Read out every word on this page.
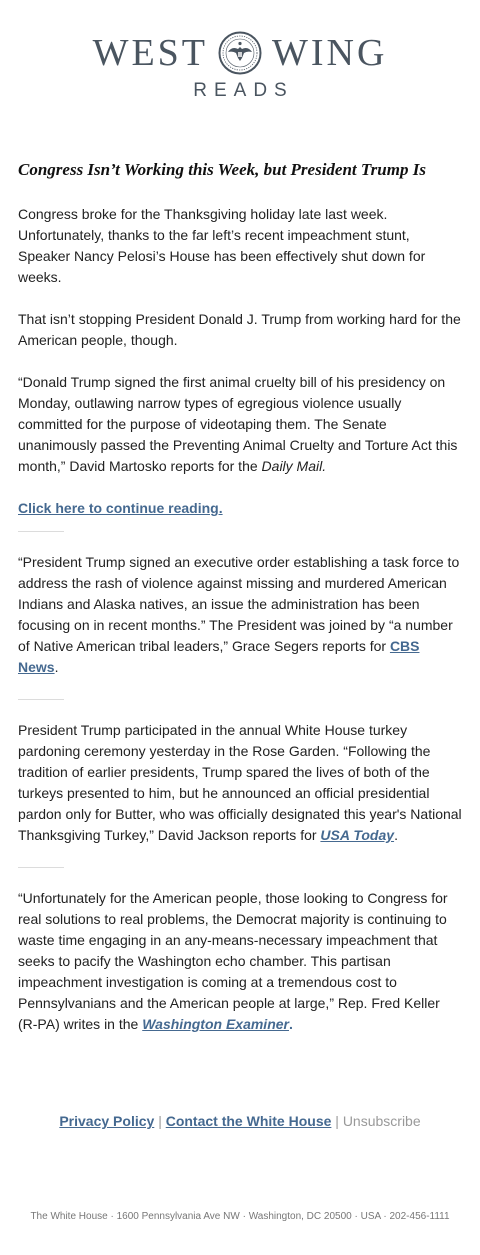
WEST WING
READS
Congress Isn’t Working this Week, but President Trump Is

Congress broke for the Thanksgiving holiday late last week. Unfortunately, thanks to the far left’s recent impeachment stunt, Speaker Nancy Pelosi’s House has been effectively shut down for weeks.

That isn’t stopping President Donald J. Trump from working hard for the American people, though.

“Donald Trump signed the first animal cruelty bill of his presidency on Monday, outlawing narrow types of egregious violence usually committed for the purpose of videotaping them. The Senate unanimously passed the Preventing Animal Cruelty and Torture Act this month,” David Martosko reports for the Daily Mail.

Click here to continue reading.

“President Trump signed an executive order establishing a task force to address the rash of violence against missing and murdered American Indians and Alaska natives, an issue the administration has been focusing on in recent months.” The President was joined by “a number of Native American tribal leaders,” Grace Segers reports for CBS News.

President Trump participated in the annual White House turkey pardoning ceremony yesterday in the Rose Garden. “Following the tradition of earlier presidents, Trump spared the lives of both of the turkeys presented to him, but he announced an official presidential pardon only for Butter, who was officially designated this year's National Thanksgiving Turkey,” David Jackson reports for USA Today.

“Unfortunately for the American people, those looking to Congress for real solutions to real problems, the Democrat majority is continuing to waste time engaging in an any-means-necessary impeachment that seeks to pacify the Washington echo chamber. This partisan impeachment investigation is coming at a tremendous cost to Pennsylvanians and the American people at large,” Rep. Fred Keller (R-PA) writes in the Washington Examiner.

Privacy Policy | Contact the White House | Unsubscribe
The White House · 1600 Pennsylvania Ave NW · Washington, DC 20500 · USA · 202-456-1111
